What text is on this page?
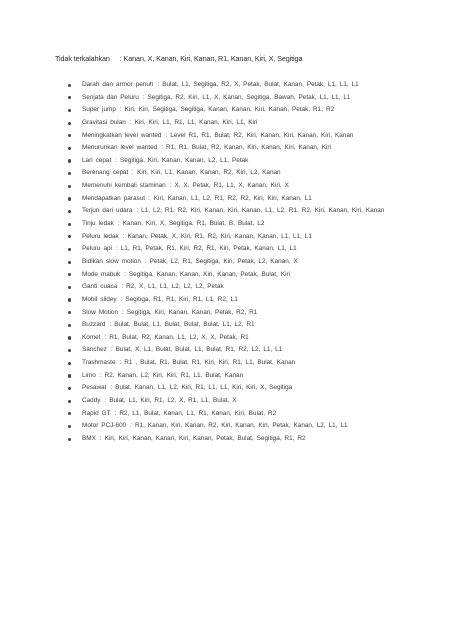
Tidak terkalahkan : Kanan, X, Kanan, Kiri, Kanan, R1, Kanan, Kiri, X, Segitiga
Darah dan armor penuh : Bulat, L1, Segitiga, R2, X, Petak, Bulat, Kanan, Petak, L1, L1, L1
Senjata dan Peluru : Segitiga, R2, Kiri, L1, X, Kanan, Segitiga, Bawah, Petak, L1, L1, L1
Super jump : Kiri, Kiri, Segitiga, Segitiga, Kanan, Kanan, Kiri, Kanan, Petak, R1, R2
Gravitasi bulan : Kiri, Kiri, L1, R1, L1, Kanan, Kiri, L1, Kiri
Meningkatkan level wanted : Level R1, R1, Bulat, R2, Kiri, Kanan, Kiri, Kanan, Kiri, Kanan
Menurunkan level wanted : R1, R1, Bulat, R2, Kanan, Kiri, Kanan, Kiri, Kanan, Kiri
Lari cepat : Segitiga, Kiri, Kanan, Kanan, L2, L1, Petak
Berenang cepat : Kiri, Kiri, L1, Kanan, Kanan, R2, Kiri, L2, Kanan
Memenuhi kembali staminan : X, X, Petak, R1, L1, X, Kanan, Kiri, X
Mendapatkan parasut : Kiri, Kanan, L1, L2, R1, R2, R2, Kiri, Kiri, Kanan, L1
Terjun dari udara : L1, L2, R1, R2, Kiri, Kanan, Kiri, Kanan, L1, L2, R1, R2, Kiri, Kanan, Kiri, Kanan
Tinju ledak : Kanan, Kiri, X, Segitiga, R1, Bulat, B, Bulat, L2
Peluru ledak : Kanan, Petak, X, Kiri, R1, R2, Kiri, Kanan, Kanan, L1, L1, L1
Peluru api : L1, R1, Petak, R1, Kiri, R2, R1, Kiri, Petak, Kanan, L1, L1
Bidikan slow motion : Petak, L2, R1, Segitiga, Kiri, Petak, L2, Kanan, X
Mode mabuk : Segitiga, Kanan, Kanan, Kiri, Kanan, Petak, Bulat, Kiri
Ganti cuaca : R2, X, L1, L1, L2, L2, L2, Petak
Mobil slidey : Segitiga, R1, R1, Kiri, R1, L1, R2, L1
Slow Motion : Segitiga, Kiri, Kanan, Kanan, Petak, R2, R1
Buzzard : Bulat, Bulat, L1, Bulat, Bulat, Bulat, L1, L2, R1
Komet : R1, Bulat, R2, Kanan, L1, L2, X, X, Petak, R1
Sanchez : Bulat, X, L1, Bulat, Bulat, L1, Bulat, R1, R2, L2, L1, L1
Trashmaste : R1 , Bulat, R1, Bulat, R1, Kiri, Kiri, R1, L1, Bulat, Kanan
Limo : R2, Kanan, L2, Kiri, Kiri, R1, L1, Bulat, Kanan
Pesawat : Bulat, Kanan, L1, L2, Kiri, R1, L1, L1, Kiri, Kiri, X, Segitiga
Caddy : Bulat, L1, Kiri, R1, L2, X, R1, L1, Bulat, X
Rapid GT : R2, L1, Bulat, Kanan, L1, R1, Kanan, Kiri, Bulat, R2
Motor PCJ-600 : R1, Kanan, Kiri, Kanan, R2, Kiri, Kanan, Kiri, Petak, Kanan, L2, L1, L1
BMX : Kiri, Kiri, Kanan, Kanan, Kiri, Kanan, Petak, Bulat, Segitiga, R1, R2
